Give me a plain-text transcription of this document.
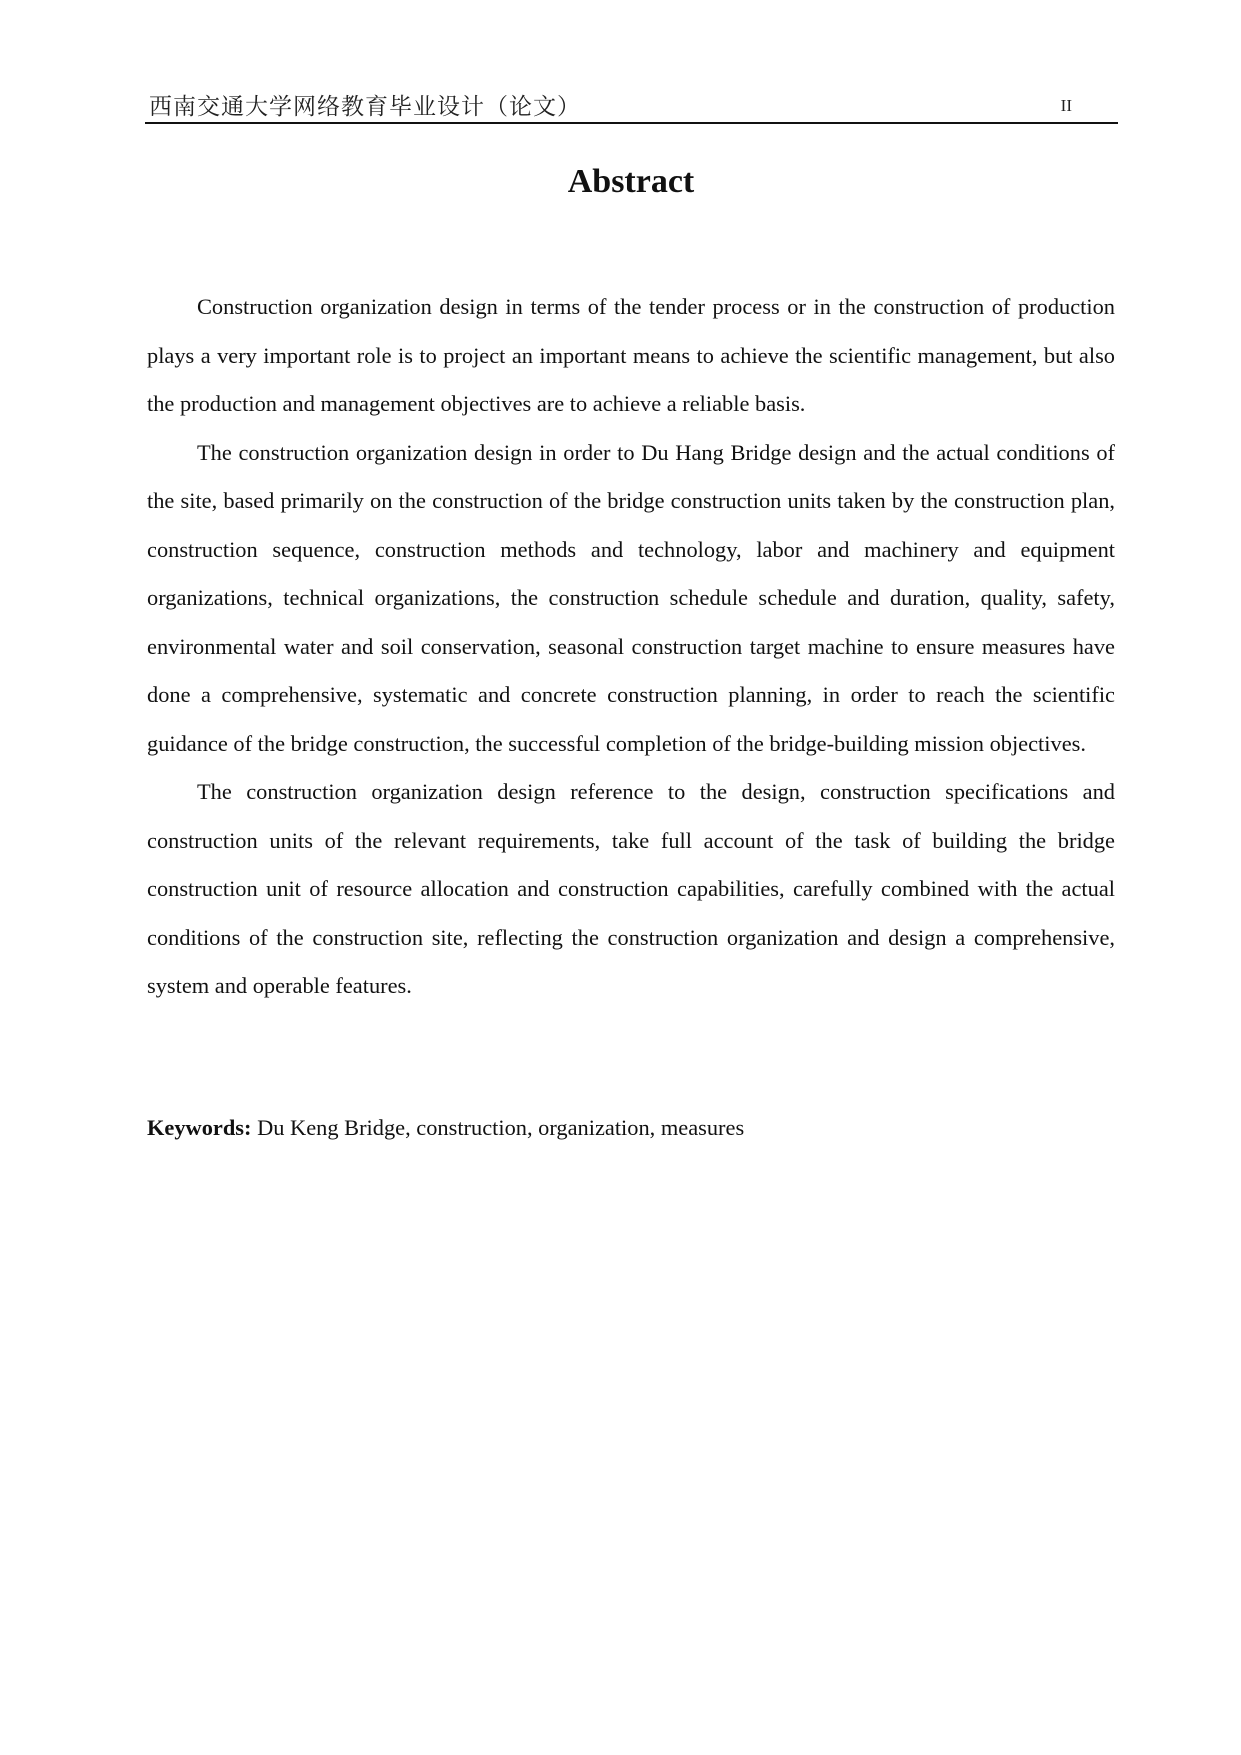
西南交通大学网络教育毕业设计（论文）	II
Abstract

Construction organization design in terms of the tender process or in the construction of production plays a very important role is to project an important means to achieve the scientific management, but also the production and management objectives are to achieve a reliable basis.

The construction organization design in order to Du Hang Bridge design and the actual conditions of the site, based primarily on the construction of the bridge construction units taken by the construction plan, construction sequence, construction methods and technology, labor and machinery and equipment organizations, technical organizations, the construction schedule schedule and duration, quality, safety, environmental water and soil conservation, seasonal construction target machine to ensure measures have done a comprehensive, systematic and concrete construction planning, in order to reach the scientific guidance of the bridge construction, the successful completion of the bridge-building mission objectives.

The construction organization design reference to the design, construction specifications and construction units of the relevant requirements, take full account of the task of building the bridge construction unit of resource allocation and construction capabilities, carefully combined with the actual conditions of the construction site, reflecting the construction organization and design a comprehensive, system and operable features.

Keywords: Du Keng Bridge, construction, organization, measures
